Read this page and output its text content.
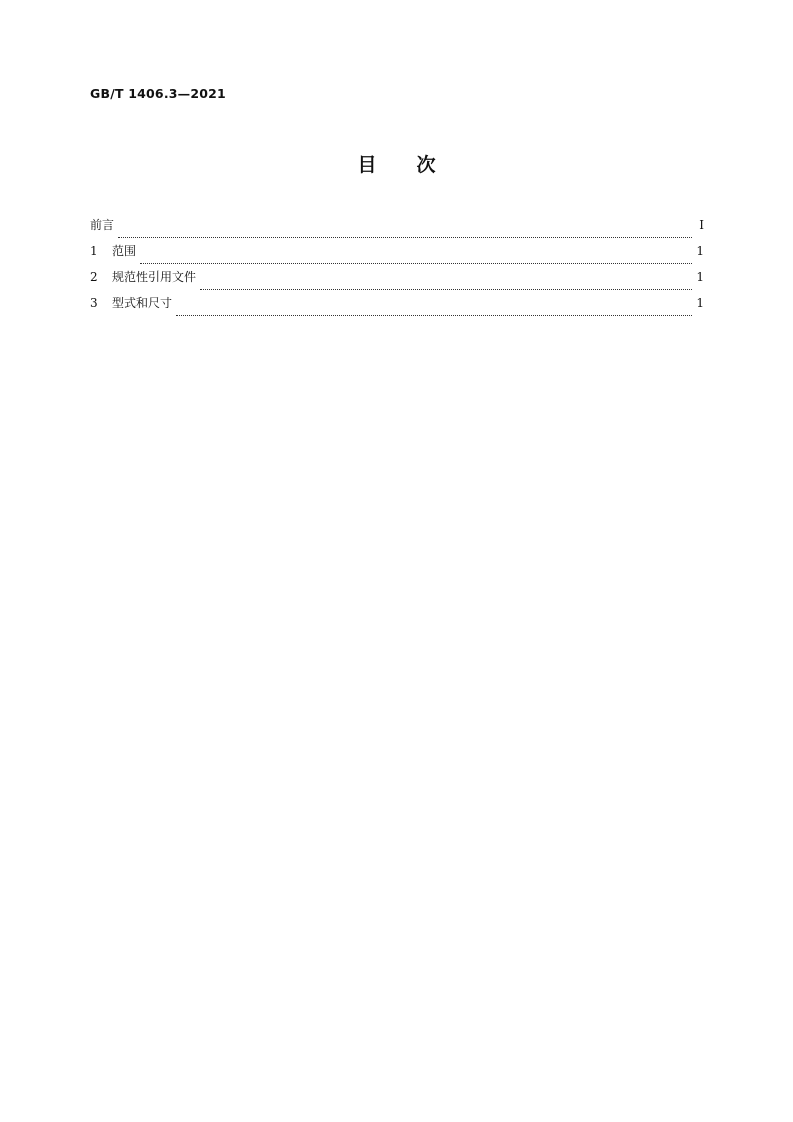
GB/T 1406.3—2021
目次
前言	Ⅰ
1	范围	1
2	规范性引用文件	1
3	型式和尺寸	1
